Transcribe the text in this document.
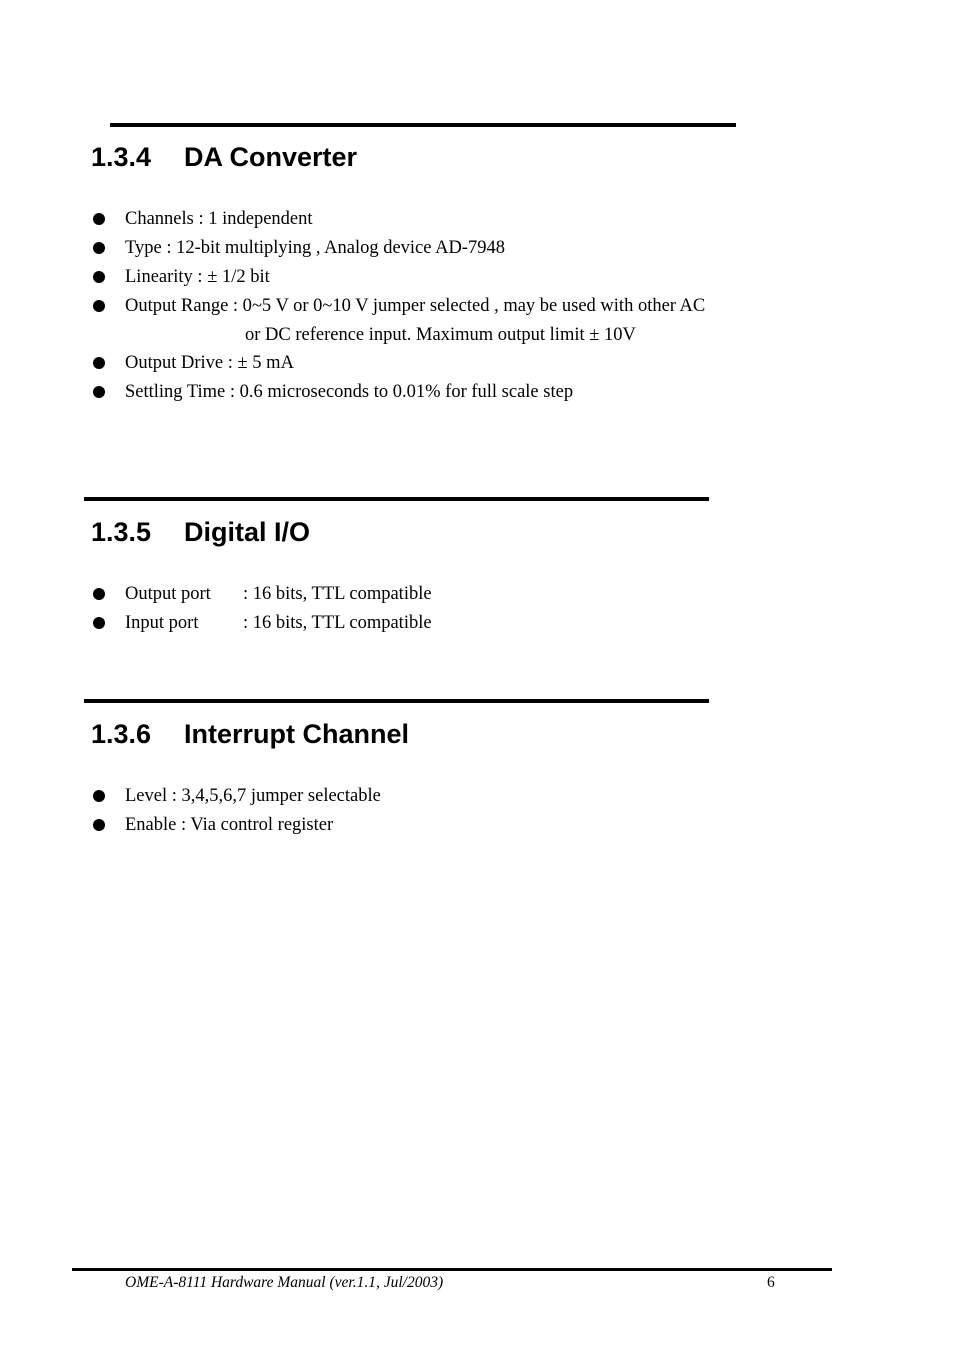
1.3.4 DA Converter
Channels : 1 independent
Type : 12-bit multiplying , Analog device AD-7948
Linearity : ± 1/2 bit
Output Range : 0~5 V or 0~10 V jumper selected , may be used with other AC
or DC reference input. Maximum output limit ± 10V
Output Drive : ± 5 mA
Settling Time : 0.6 microseconds to 0.01% for full scale step
1.3.5 Digital I/O
Output port : 16 bits, TTL compatible
Input port : 16 bits, TTL compatible
1.3.6 Interrupt Channel
Level : 3,4,5,6,7 jumper selectable
Enable : Via control register
OME-A-8111 Hardware Manual (ver.1.1, Jul/2003)	6
